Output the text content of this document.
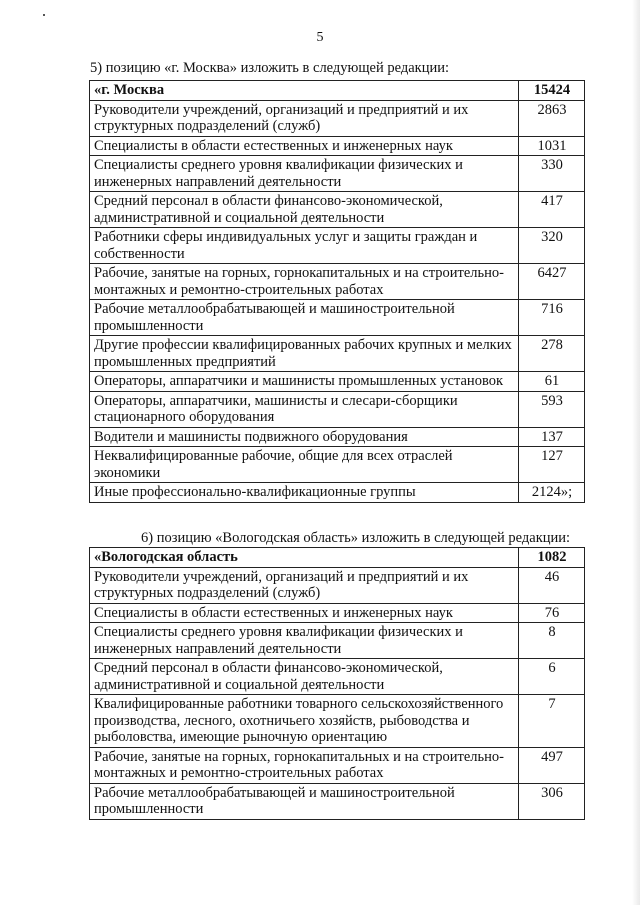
5
5) позицию «г. Москва» изложить в следующей редакции:
«г. Москва	15424
Руководители учреждений, организаций и предприятий и их структурных подразделений (служб)	2863
Специалисты в области естественных и инженерных наук	1031
Специалисты среднего уровня квалификации физических и инженерных направлений деятельности	330
Средний персонал в области финансово-экономической, административной и социальной деятельности	417
Работники сферы индивидуальных услуг и защиты граждан и собственности	320
Рабочие, занятые на горных, горнокапитальных и на строительно-монтажных и ремонтно-строительных работах	6427
Рабочие металлообрабатывающей и машиностроительной промышленности	716
Другие профессии квалифицированных рабочих крупных и мелких промышленных предприятий	278
Операторы, аппаратчики и машинисты промышленных установок	61
Операторы, аппаратчики, машинисты и слесари-сборщики стационарного оборудования	593
Водители и машинисты подвижного оборудования	137
Неквалифицированные рабочие, общие для всех отраслей экономики	127
Иные профессионально-квалификационные группы	2124»;
6) позицию «Вологодская область» изложить в следующей редакции:
«Вологодская область	1082
Руководители учреждений, организаций и предприятий и их структурных подразделений (служб)	46
Специалисты в области естественных и инженерных наук	76
Специалисты среднего уровня квалификации физических и инженерных направлений деятельности	8
Средний персонал в области финансово-экономической, административной и социальной деятельности	6
Квалифицированные работники товарного сельскохозяйственного производства, лесного, охотничьего хозяйств, рыбоводства и рыболовства, имеющие рыночную ориентацию	7
Рабочие, занятые на горных, горнокапитальных и на строительно-монтажных и ремонтно-строительных работах	497
Рабочие металлообрабатывающей и машиностроительной промышленности	306
